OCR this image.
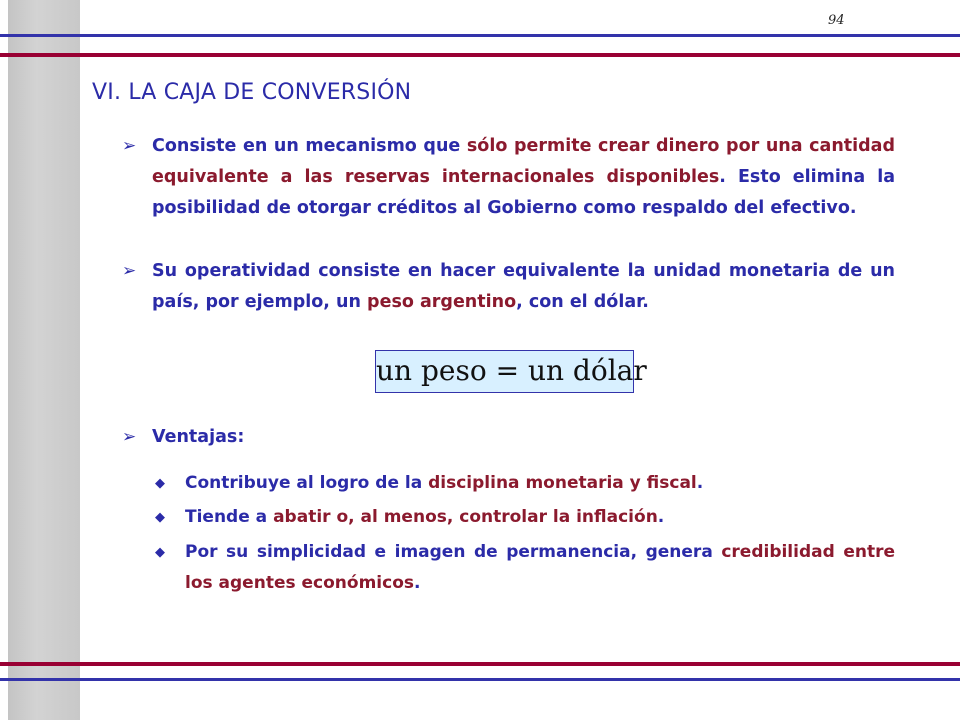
94
VI. LA CAJA DE CONVERSIÓN
➢ Consiste en un mecanismo que sólo permite crear dinero por una cantidad equivalente a las reservas internacionales disponibles. Esto elimina la posibilidad de otorgar créditos al Gobierno como respaldo del efectivo.
➢ Su operatividad consiste en hacer equivalente la unidad monetaria de un país, por ejemplo, un peso argentino, con el dólar.
un peso = un dólar
➢ Ventajas:
◆ Contribuye al logro de la disciplina monetaria y fiscal.
◆ Tiende a abatir o, al menos, controlar la inflación.
◆ Por su simplicidad e imagen de permanencia, genera credibilidad entre los agentes económicos.
